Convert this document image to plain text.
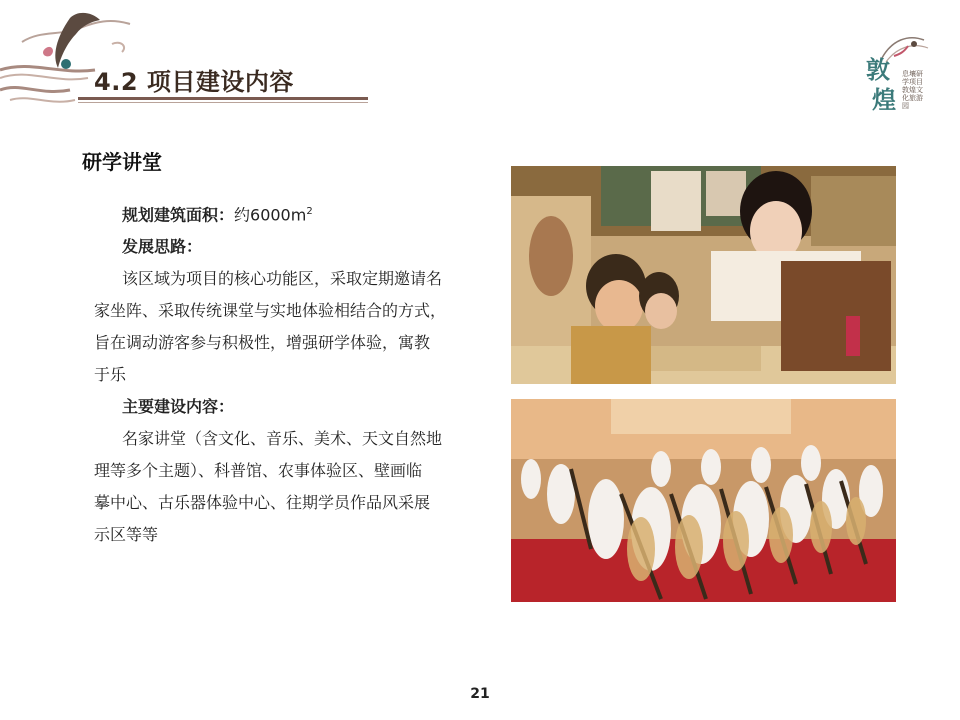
4.2 项目建设内容	敦
煌
息壤研学项目敦煌文化旅游园
研学讲堂
规划建筑面积：约$6000m^2$
发展思路：
该区域为项目的核心功能区，采取定期邀请名
家坐阵、采取传统课堂与实地体验相结合的方式，
旨在调动游客参与积极性，增强研学体验，寓教
于乐
主要建设内容：
名家讲堂（含文化、音乐、美术、天文自然地
理等多个主题）、科普馆、农事体验区、壁画临
摹中心、古乐器体验中心、往期学员作品风采展
示区等等
21
